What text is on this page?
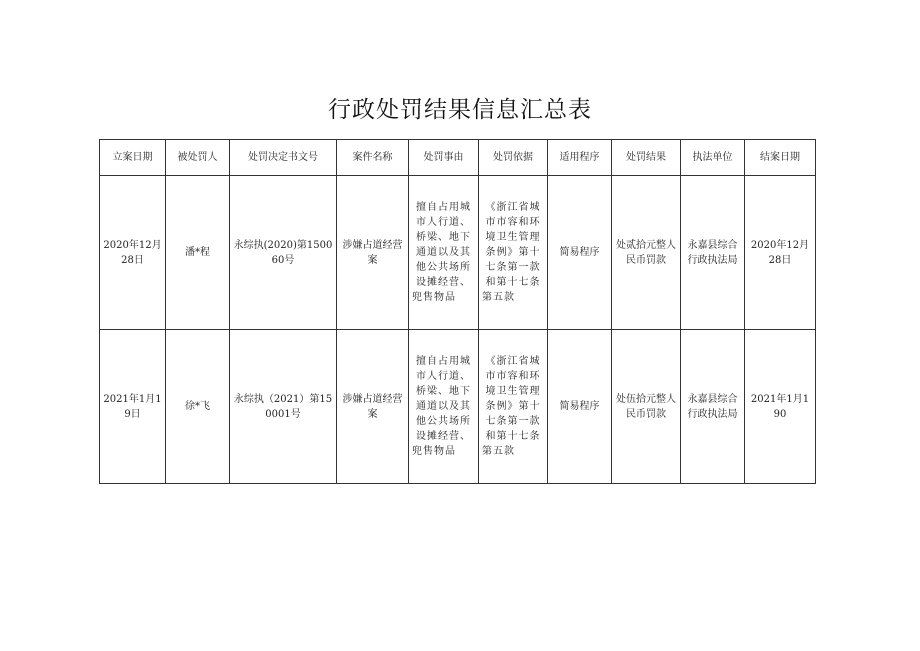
行政处罚结果信息汇总表
立案日期	被处罚人	处罚决定书文号	案件名称	处罚事由	处罚依据	适用程序	处罚结果	执法单位	结案日期
2020年12月28日	潘*程	永综执(2020)第150060号	涉嫌占道经营案	擅自占用城市人行道、桥梁、地下通道以及其他公共场所设摊经营、兜售物品	《浙江省城市市容和环境卫生管理条例》第十七条第一款和第十七条第五款	简易程序	处贰拾元整人民币罚款	永嘉县综合行政执法局	2020年12月28日
2021年1月19日	徐*飞	永综执（2021）第150001号	涉嫌占道经营案	擅自占用城市人行道、桥梁、地下通道以及其他公共场所设摊经营、兜售物品	《浙江省城市市容和环境卫生管理条例》第十七条第一款和第十七条第五款	简易程序	处伍拾元整人民币罚款	永嘉县综合行政执法局	2021年1月190
